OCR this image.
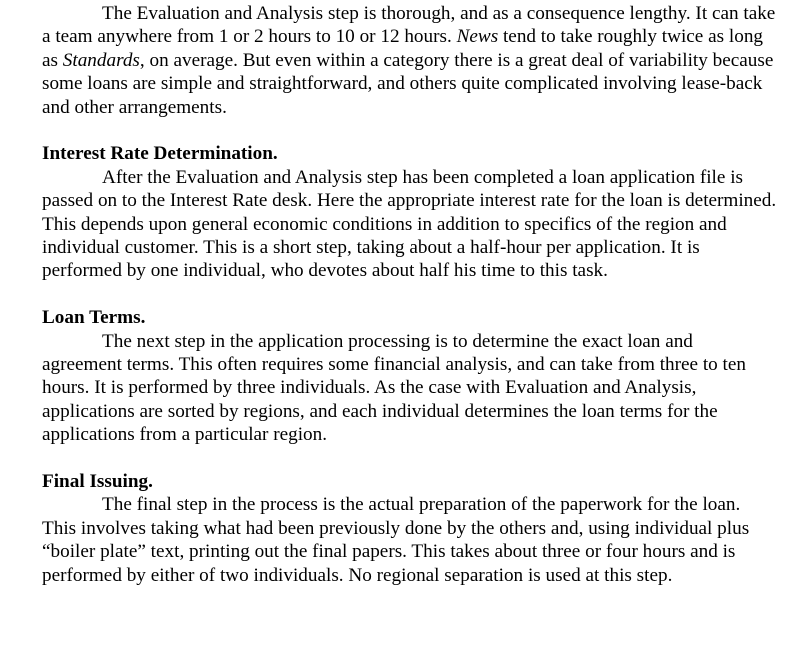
The Evaluation and Analysis step is thorough, and as a consequence lengthy. It can take a team anywhere from 1 or 2 hours to 10 or 12 hours. News tend to take roughly twice as long as Standards, on average. But even within a category there is a great deal of variability because some loans are simple and straightforward, and others quite complicated involving lease-back and other arrangements.

Interest Rate Determination.

After the Evaluation and Analysis step has been completed a loan application file is passed on to the Interest Rate desk. Here the appropriate interest rate for the loan is determined. This depends upon general economic conditions in addition to specifics of the region and individual customer. This is a short step, taking about a half-hour per application. It is performed by one individual, who devotes about half his time to this task.

Loan Terms.

The next step in the application processing is to determine the exact loan and agreement terms. This often requires some financial analysis, and can take from three to ten hours. It is performed by three individuals. As the case with Evaluation and Analysis, applications are sorted by regions, and each individual determines the loan terms for the applications from a particular region.

Final Issuing.

The final step in the process is the actual preparation of the paperwork for the loan. This involves taking what had been previously done by the others and, using individual plus “boiler plate” text, printing out the final papers. This takes about three or four hours and is performed by either of two individuals. No regional separation is used at this step.
